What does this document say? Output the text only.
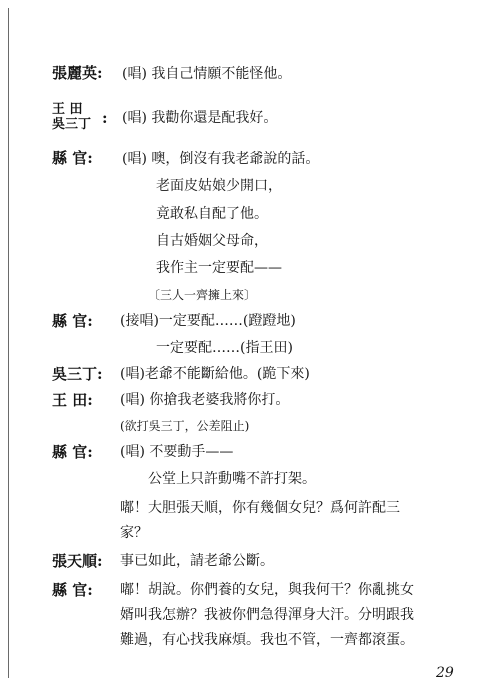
張麗英: (唱) 我自己情願不能怪他。
王 田
吳三丁 : (唱) 我勸你還是配我好。
縣 官: (唱) 噢，倒沒有我老爺說的話。
老面皮姑娘少開口，
竟敢私自配了他。
自古婚姻父母命，
我作主一定要配——
〔三人一齊擁上來〕
縣 官: (接唱)一定要配……(蹬蹬地)
一定要配……(指王田)
吳三丁: (唱)老爺不能斷給他。(跪下來)
王 田: (唱) 你搶我老婆我將你打。
(欲打吳三丁，公差阻止)
縣 官: (唱) 不要動手——
公堂上只許動嘴不許打架。
嘟！大胆張天順，你有幾個女兒？爲何許配三
家？
張天順: 事已如此，請老爺公斷。
縣 官: 嘟！胡說。你們養的女兒，與我何干？你亂挑女
婿叫我怎辦？我被你們急得渾身大汗。分明跟我
難過，有心找我麻煩。我也不管，一齊都滾蛋。
29
